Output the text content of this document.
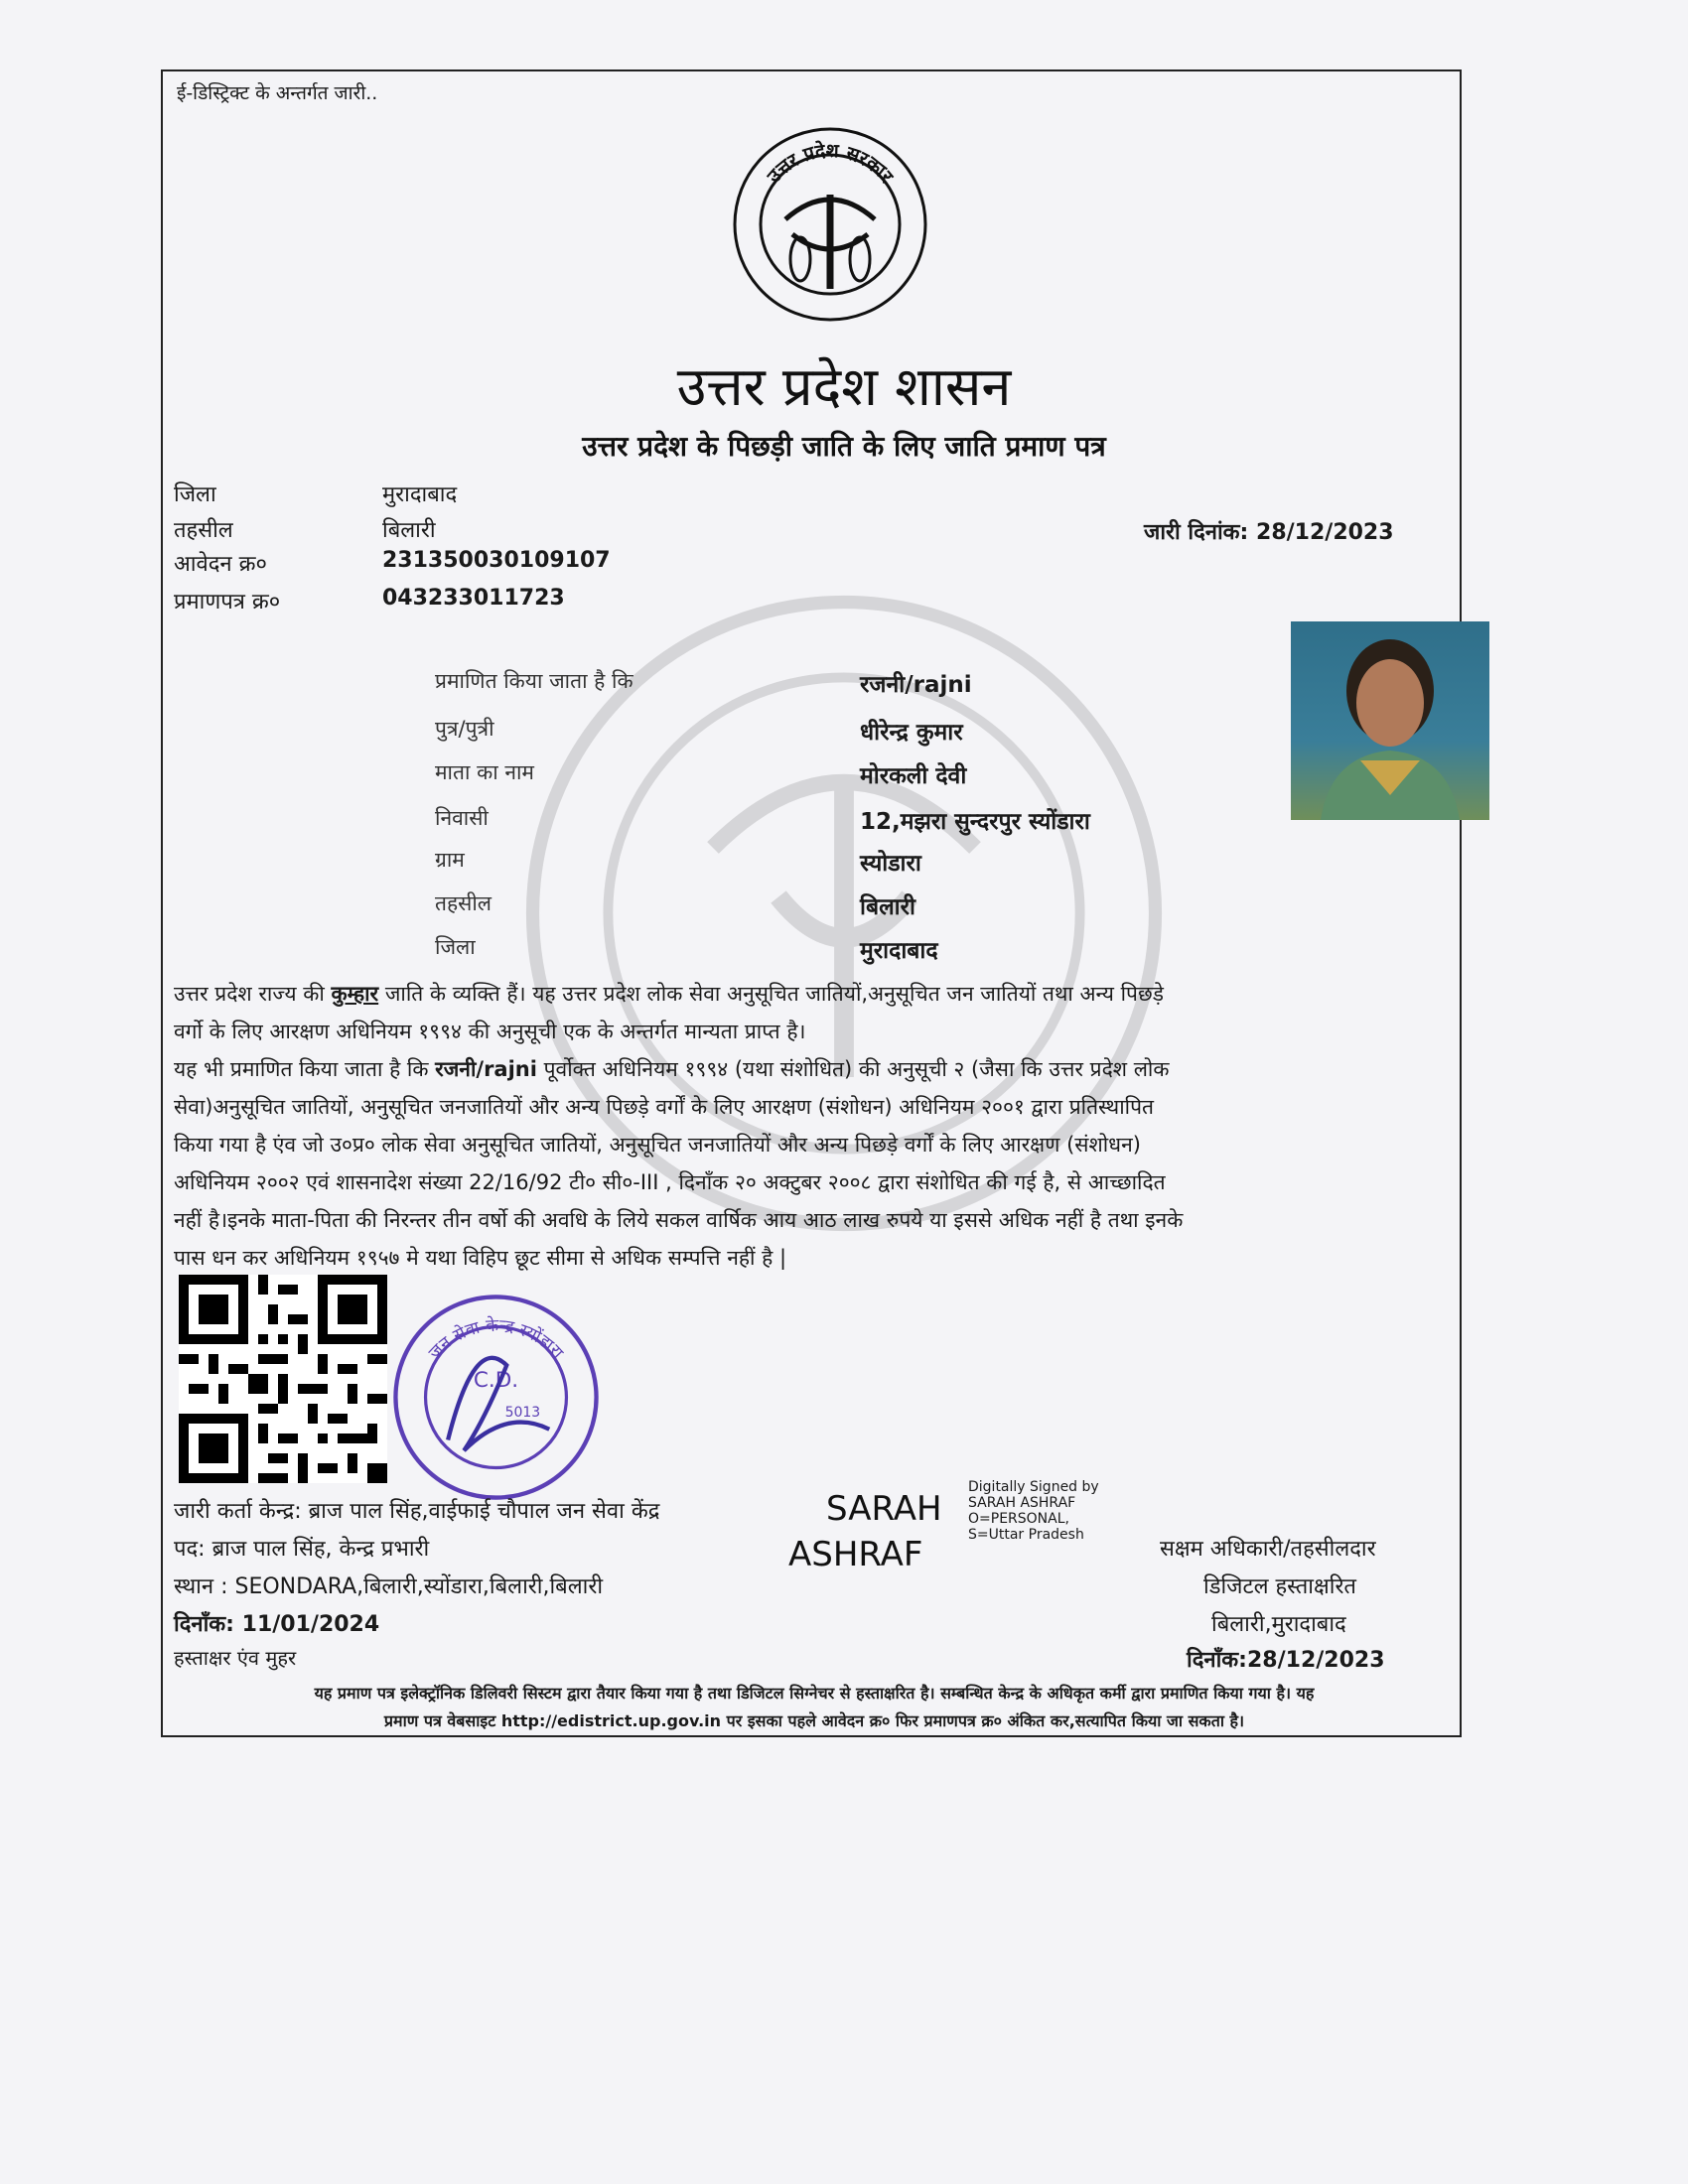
ई-डिस्ट्रिक्ट के अन्तर्गत जारी..
उत्तर प्रदेश सरकार
उत्तर प्रदेश शासन
उत्तर प्रदेश के पिछड़ी जाति के लिए जाति प्रमाण पत्र
जिला	मुरादाबाद
तहसील	बिलारी
आवेदन क्र०	231350030109107
प्रमाणपत्र क्र०	043233011723
जारी दिनांक: 28/12/2023
प्रमाणित किया जाता है कि	रजनी/rajni
पुत्र/पुत्री	धीरेन्द्र कुमार
माता का नाम	मोरकली देवी
निवासी	12,मझरा सुन्दरपुर स्योंडारा
ग्राम	स्योडारा
तहसील	बिलारी
जिला	मुरादाबाद
उत्तर प्रदेश राज्य की कुम्हार जाति के व्यक्ति हैं। यह उत्तर प्रदेश लोक सेवा अनुसूचित जातियों,अनुसूचित जन जातियों तथा अन्य पिछड़े
वर्गो के लिए आरक्षण अधिनियम १९९४ की अनुसूची एक के अन्तर्गत मान्यता प्राप्त है।
यह भी प्रमाणित किया जाता है कि रजनी/rajni पूर्वोक्त अधिनियम १९९४ (यथा संशोधित) की अनुसूची २ (जैसा कि उत्तर प्रदेश लोक
सेवा)अनुसूचित जातियों, अनुसूचित जनजातियों और अन्य पिछड़े वर्गों के लिए आरक्षण (संशोधन) अधिनियम २००१ द्वारा प्रतिस्थापित
किया गया है एंव जो उ०प्र० लोक सेवा अनुसूचित जातियों, अनुसूचित जनजातियों और अन्य पिछड़े वर्गों के लिए आरक्षण (संशोधन)
अधिनियम २००२ एवं शासनादेश संख्या 22/16/92 टी० सी०-III , दिनाँक २० अक्टुबर २००८ द्वारा संशोधित की गई है, से आच्छादित
नहीं है।इनके माता-पिता की निरन्तर तीन वर्षो की अवधि के लिये सकल वार्षिक आय आठ लाख रुपये या इससे अधिक नहीं है तथा इनके
पास धन कर अधिनियम १९५७ मे यथा विहिप छूट सीमा से अधिक सम्पत्ति नहीं है |
जन सेवा केन्द्र स्योंडारा
C.D.
5013
जारी कर्ता केन्द्र: ब्राज पाल सिंह,वाईफाई चौपाल जन सेवा केंद्र
पद: ब्राज पाल सिंह, केन्द्र प्रभारी
स्थान : SEONDARA,बिलारी,स्योंडारा,बिलारी,बिलारी
दिनाँक: 11/01/2024
हस्ताक्षर एंव मुहर
SARAH
ASHRAF
Digitally Signed by
SARAH ASHRAF
O=PERSONAL,
S=Uttar Pradesh
सक्षम अधिकारी/तहसीलदार
डिजिटल हस्ताक्षरित
बिलारी,मुरादाबाद
दिनाँक:28/12/2023
यह प्रमाण पत्र इलेक्ट्रॉनिक डिलिवरी सिस्टम द्वारा तैयार किया गया है तथा डिजिटल सिग्नेचर से हस्ताक्षरित है। सम्बन्धित केन्द्र के अधिकृत कर्मी द्वारा प्रमाणित किया गया है। यह
प्रमाण पत्र वेबसाइट http://edistrict.up.gov.in पर इसका पहले आवेदन क्र० फिर प्रमाणपत्र क्र० अंकित कर,सत्यापित किया जा सकता है।
